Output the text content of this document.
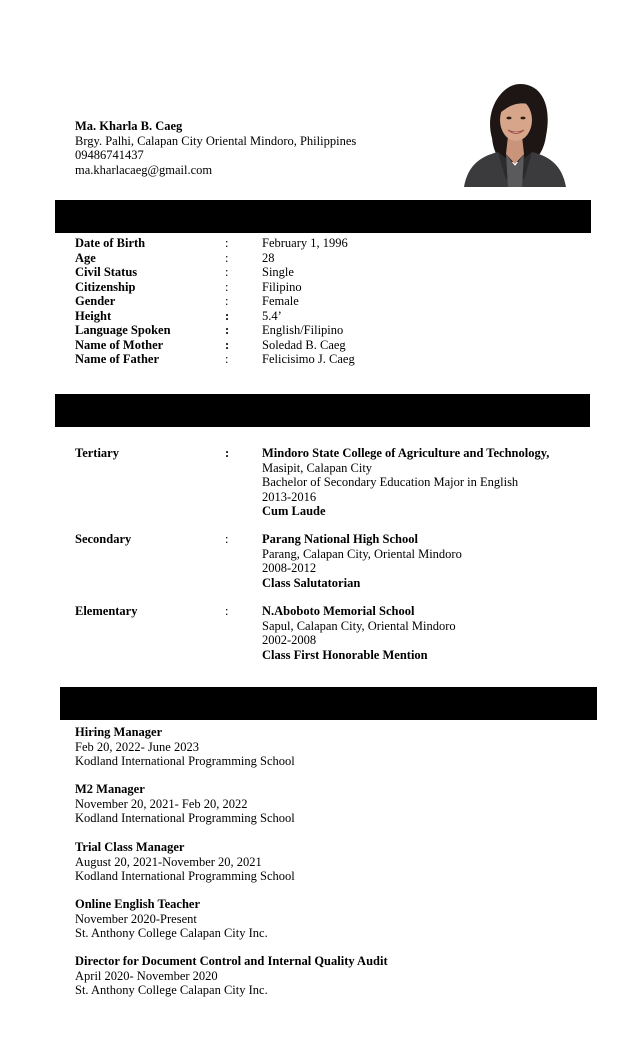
Ma. Kharla B. Caeg
Brgy. Palhi, Calapan City Oriental Mindoro, Philippines
09486741437
ma.kharlacaeg@gmail.com
Date of Birth	:	February 1, 1996
Age	:	28
Civil Status	:	Single
Citizenship	:	Filipino
Gender	:	Female
Height	:	5.4’
Language Spoken	:	English/Filipino
Name of Mother	:	Soledad B. Caeg
Name of Father	:	Felicisimo J. Caeg
Tertiary	:	Mindoro State College of Agriculture and Technology,
Masipit, Calapan City
Bachelor of Secondary Education Major in English
2013-2016
Cum Laude
Secondary	:	Parang National High School
Parang, Calapan City, Oriental Mindoro
2008-2012
Class Salutatorian
Elementary	:	N.Aboboto Memorial School
Sapul, Calapan City, Oriental Mindoro
2002-2008
Class First Honorable Mention
Hiring Manager
Feb 20, 2022- June 2023
Kodland International Programming School
M2 Manager
November 20, 2021- Feb 20, 2022
Kodland International Programming School
Trial Class Manager
August 20, 2021-November 20, 2021
Kodland International Programming School
Online English Teacher
November 2020-Present
St. Anthony College Calapan City Inc.
Director for Document Control and Internal Quality Audit
April 2020- November 2020
St. Anthony College Calapan City Inc.
